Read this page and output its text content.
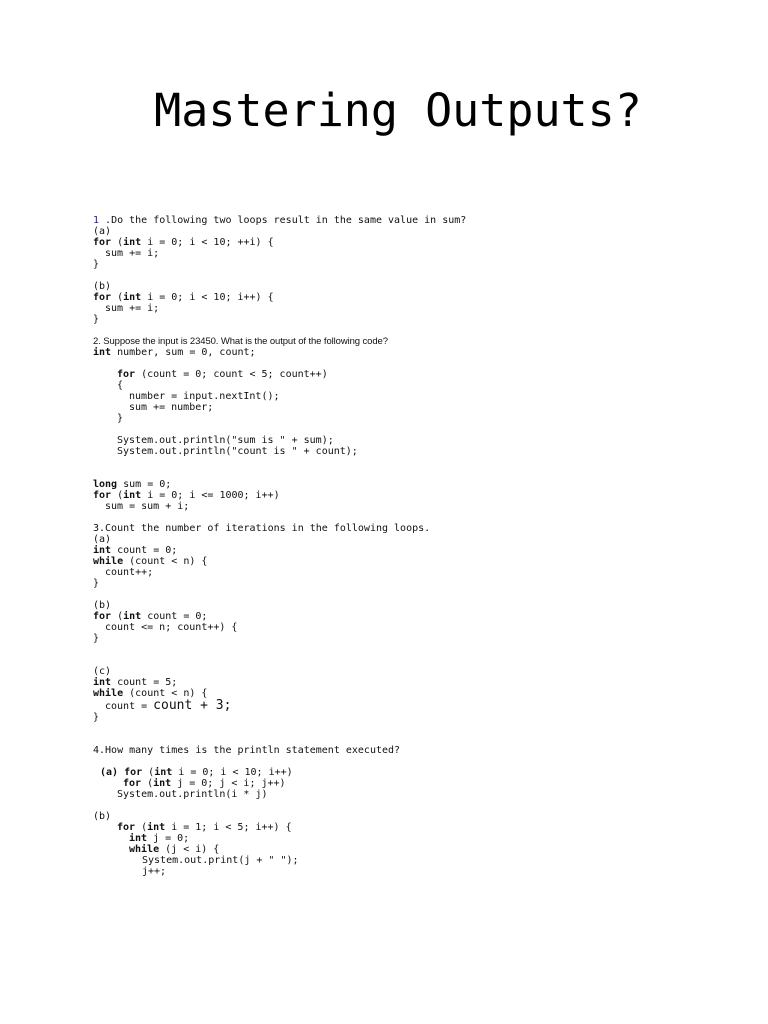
Mastering Outputs?
1 .Do the following two loops result in the same value in sum?
(a)
for (int i = 0; i < 10; ++i) {
sum += i;
}
(b)
for (int i = 0; i < 10; i++) {
sum += i;
}
2. Suppose the input is 23450. What is the output of the following code?
int number, sum = 0, count;
for (count = 0; count < 5; count++)
{
number = input.nextInt();
sum += number;
}
System.out.println("sum is " + sum);
System.out.println("count is " + count);
long sum = 0;
for (int i = 0; i <= 1000; i++)
sum = sum + i;
3.Count the number of iterations in the following loops.
(a)
int count = 0;
while (count < n) {
count++;
}
(b)
for (int count = 0;
count <= n; count++) {
}
(c)
int count = 5;
while (count < n) {
count = count + 3;
}
4.How many times is the println statement executed?
(a) for (int i = 0; i < 10; i++)
for (int j = 0; j < i; j++)
System.out.println(i * j)
(b)
for (int i = 1; i < 5; i++) {
int j = 0;
while (j < i) {
System.out.print(j + " ");
j++;
